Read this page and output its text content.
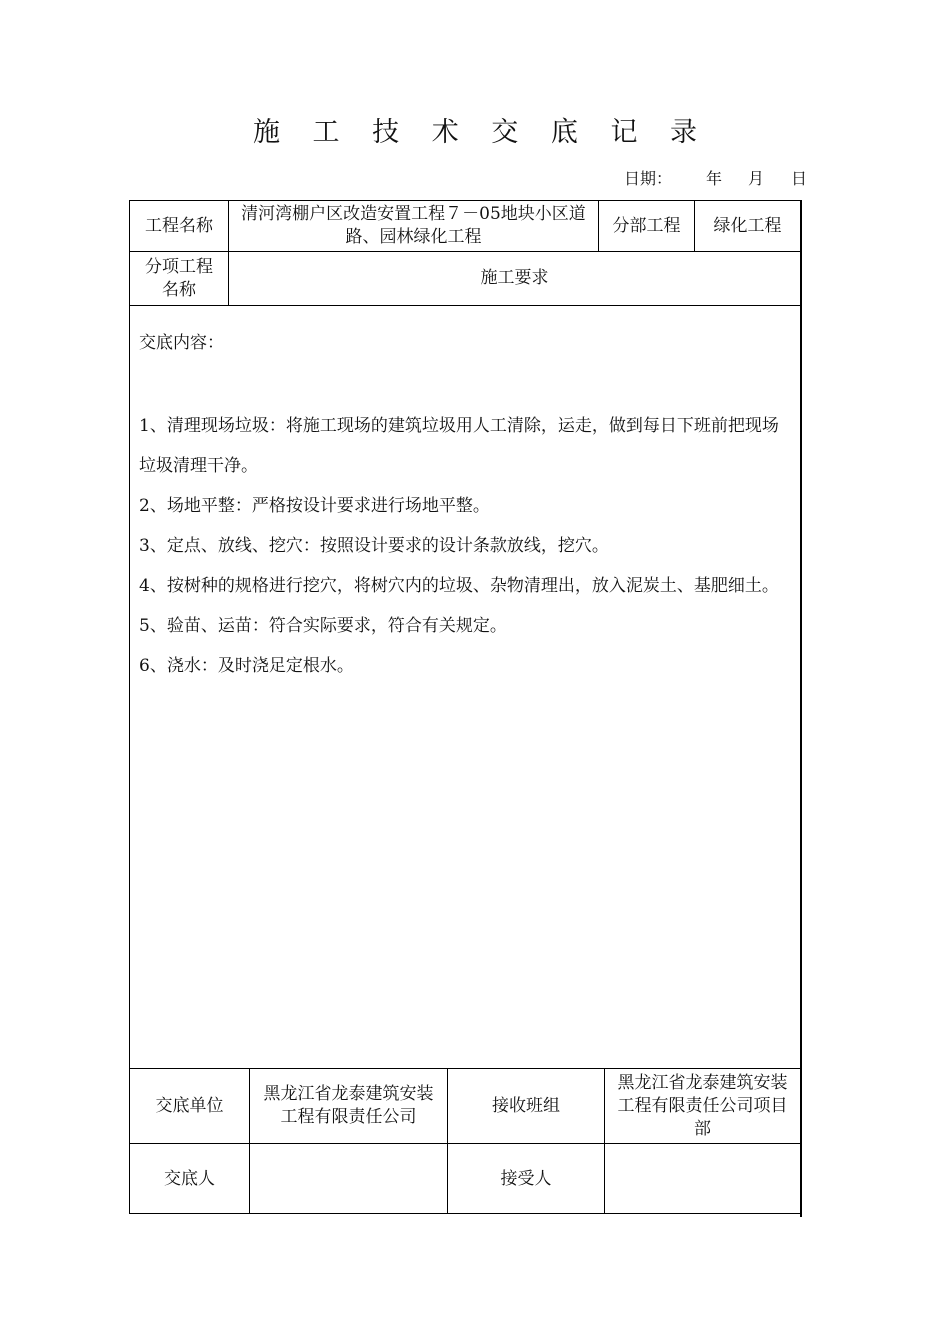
施 工 技 术 交 底 记 录
日期： 年 月 日
工程名称
清河湾棚户区改造安置工程７－05地块小区道路、园林绿化工程
分部工程	绿化工程
分项工程名称
施工要求
交底内容：

1、清理现场垃圾：将施工现场的建筑垃圾用人工清除，运走，做到每日下班前把现场垃圾清理干净。

2、场地平整：严格按设计要求进行场地平整。

3、定点、放线、挖穴：按照设计要求的设计条款放线，挖穴。

4、按树种的规格进行挖穴，将树穴内的垃圾、杂物清理出，放入泥炭土、基肥细土。

5、验苗、运苗：符合实际要求，符合有关规定。

6、浇水：及时浇足定根水。

交底单位
黑龙江省龙泰建筑安装工程有限责任公司
接收班组
黑龙江省龙泰建筑安装工程有限责任公司项目部
交底人	接受人
